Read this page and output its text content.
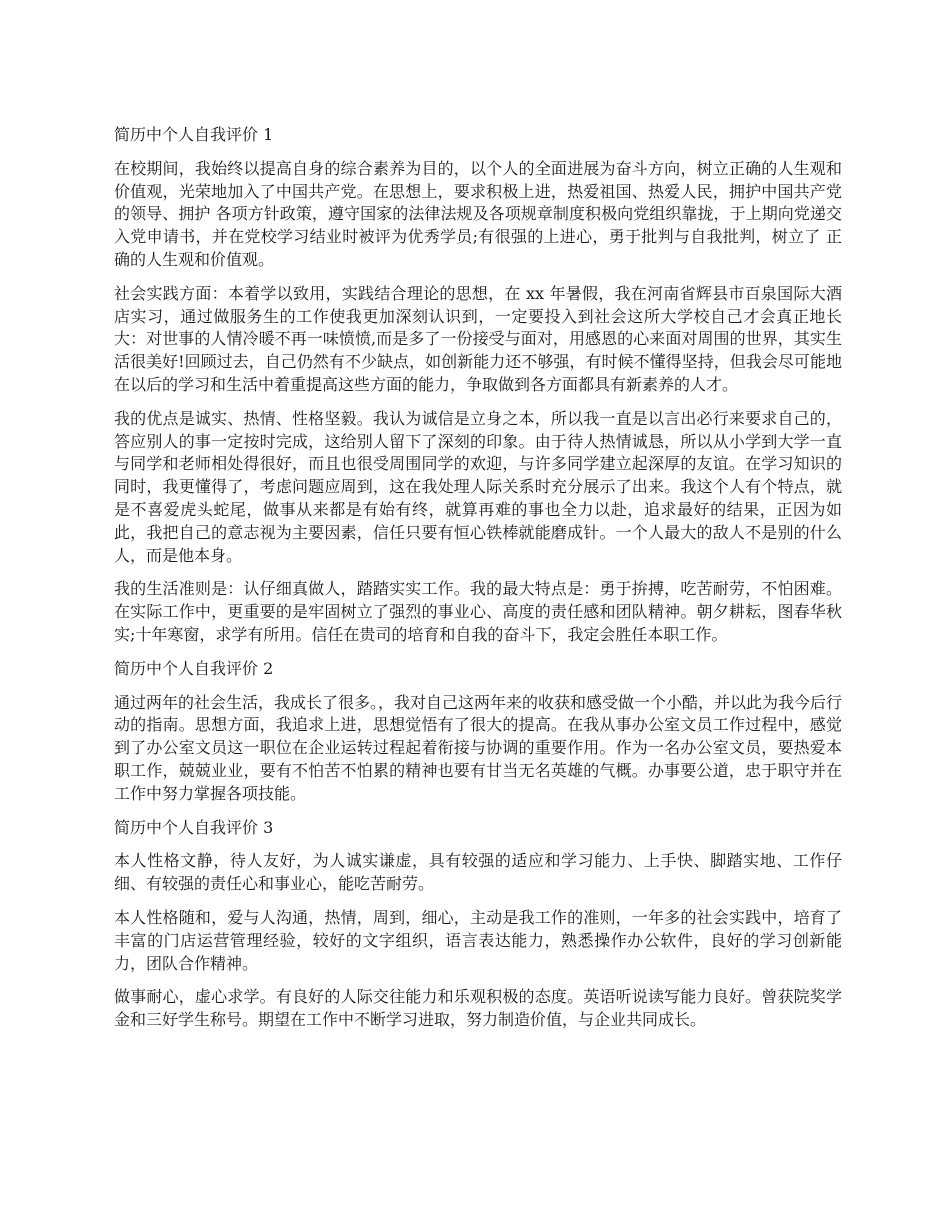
简历中个人自我评价 1
在校期间，我始终以提高自身的综合素养为目的，以个人的全面进展为奋斗方向，树立正确的人生观和价值观，光荣地加入了中国共产党。在思想上，要求积极上进，热爱祖国、热爱人民，拥护中国共产党的领导、拥护 各项方针政策，遵守国家的法律法规及各项规章制度积极向党组织靠拢，于上期向党递交入党申请书，并在党校学习结业时被评为优秀学员;有很强的上进心，勇于批判与自我批判，树立了 正确的人生观和价值观。
社会实践方面：本着学以致用，实践结合理论的思想，在 xx 年暑假，我在河南省辉县市百泉国际大酒店实习，通过做服务生的工作使我更加深刻认识到，一定要投入到社会这所大学校自己才会真正地长大：对世事的人情冷暖不再一味愤愤,而是多了一份接受与面对，用感恩的心来面对周围的世界，其实生活很美好!回顾过去，自己仍然有不少缺点，如创新能力还不够强，有时候不懂得坚持，但我会尽可能地在以后的学习和生活中着重提高这些方面的能力，争取做到各方面都具有新素养的人才。
我的优点是诚实、热情、性格坚毅。我认为诚信是立身之本，所以我一直是以言出必行来要求自己的，答应别人的事一定按时完成，这给别人留下了深刻的印象。由于待人热情诚恳，所以从小学到大学一直与同学和老师相处得很好，而且也很受周围同学的欢迎，与许多同学建立起深厚的友谊。在学习知识的同时，我更懂得了，考虑问题应周到，这在我处理人际关系时充分展示了出来。我这个人有个特点，就是不喜爱虎头蛇尾，做事从来都是有始有终，就算再难的事也全力以赴，追求最好的结果，正因为如此，我把自己的意志视为主要因素，信任只要有恒心铁棒就能磨成针。一个人最大的敌人不是别的什么人，而是他本身。
我的生活准则是：认仔细真做人，踏踏实实工作。我的最大特点是：勇于拚搏，吃苦耐劳，不怕困难。在实际工作中，更重要的是牢固树立了强烈的事业心、高度的责任感和团队精神。朝夕耕耘，图春华秋实;十年寒窗，求学有所用。信任在贵司的培育和自我的奋斗下，我定会胜任本职工作。
简历中个人自我评价 2
通过两年的社会生活，我成长了很多。，我对自己这两年来的收获和感受做一个小酷，并以此为我今后行动的指南。思想方面，我追求上进，思想觉悟有了很大的提高。在我从事办公室文员工作过程中，感觉到了办公室文员这一职位在企业运转过程起着衔接与协调的重要作用。作为一名办公室文员，要热爱本职工作，兢兢业业，要有不怕苦不怕累的精神也要有甘当无名英雄的气概。办事要公道，忠于职守并在工作中努力掌握各项技能。
简历中个人自我评价 3
本人性格文静，待人友好，为人诚实谦虚，具有较强的适应和学习能力、上手快、脚踏实地、工作仔细、有较强的责任心和事业心，能吃苦耐劳。
本人性格随和，爱与人沟通，热情，周到，细心，主动是我工作的准则，一年多的社会实践中，培育了丰富的门店运营管理经验，较好的文字组织，语言表达能力，熟悉操作办公软件，良好的学习创新能力，团队合作精神。
做事耐心，虚心求学。有良好的人际交往能力和乐观积极的态度。英语听说读写能力良好。曾获院奖学金和三好学生称号。期望在工作中不断学习进取，努力制造价值，与企业共同成长。
